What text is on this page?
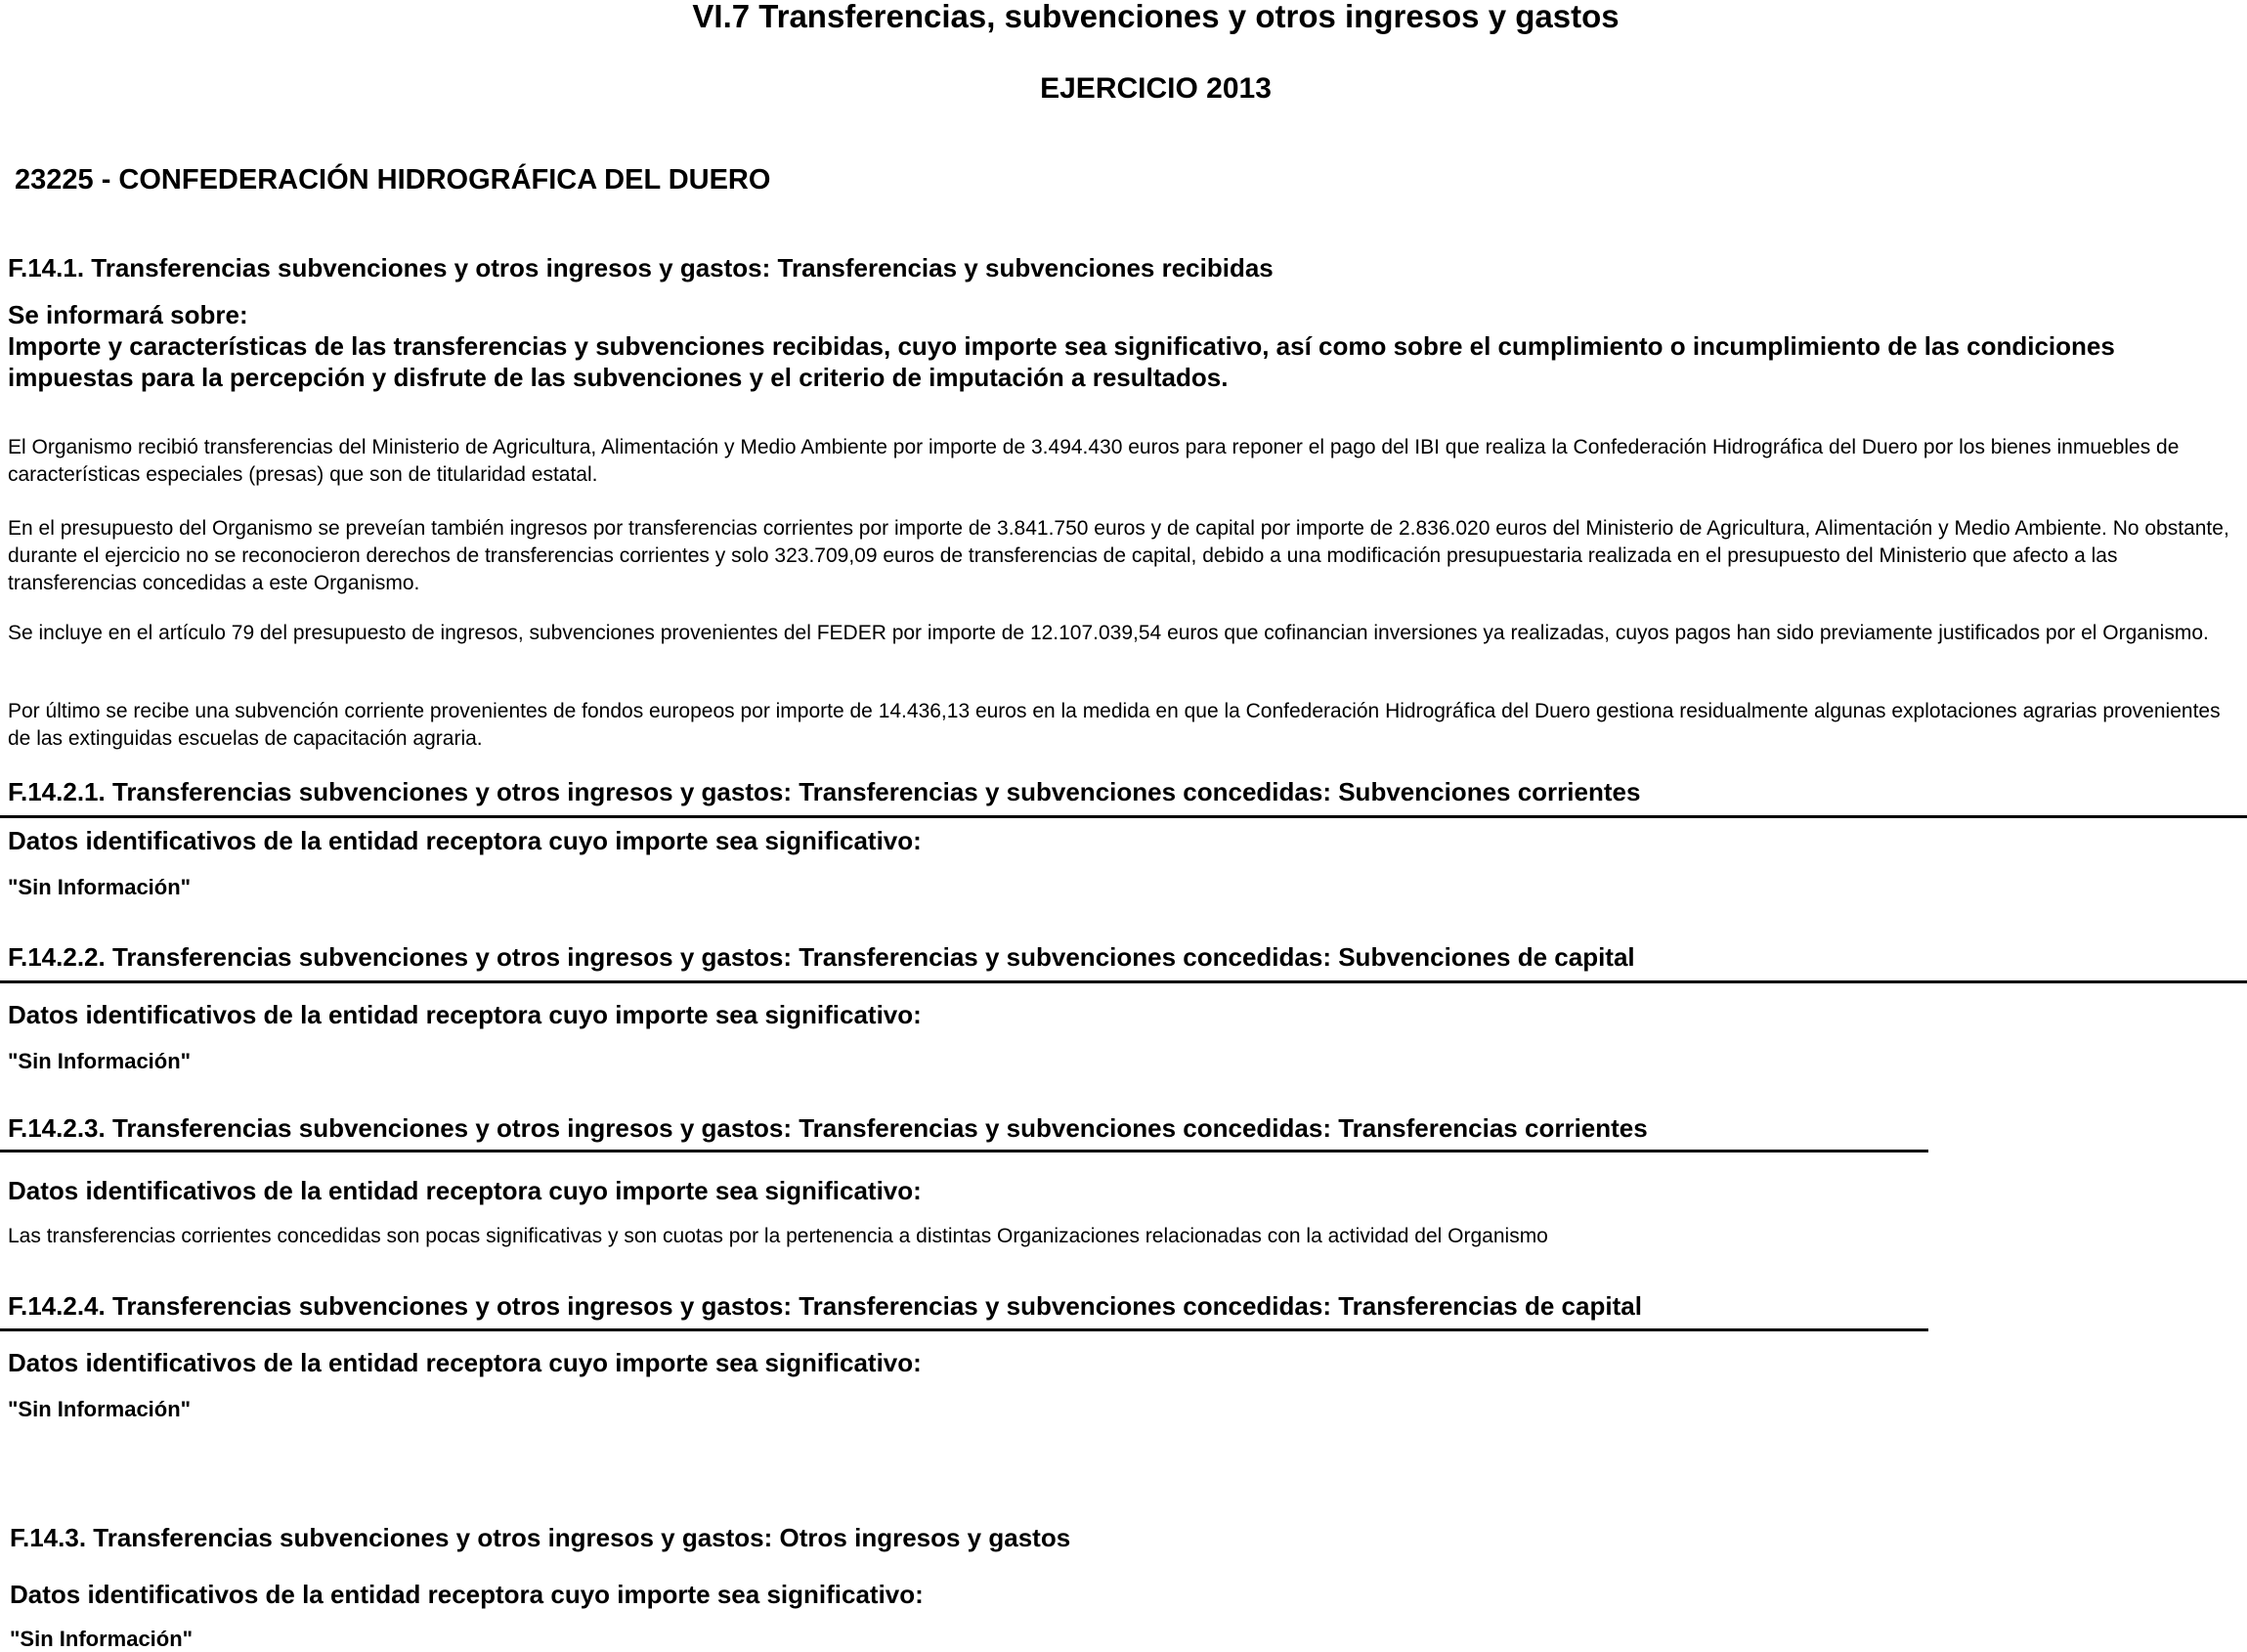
VI.7 Transferencias, subvenciones y otros ingresos y gastos
EJERCICIO 2013
23225 - CONFEDERACIÓN HIDROGRÁFICA DEL DUERO
F.14.1. Transferencias subvenciones y otros ingresos y gastos: Transferencias y subvenciones recibidas
Se informará sobre:
Importe y características de las transferencias y subvenciones recibidas, cuyo importe sea significativo, así como sobre el cumplimiento o incumplimiento de las condiciones impuestas para la percepción y disfrute de las subvenciones y el criterio de imputación a resultados.
El Organismo recibió transferencias del Ministerio de Agricultura, Alimentación y Medio Ambiente por importe de 3.494.430 euros para reponer el pago del IBI que realiza la Confederación Hidrográfica del Duero por los bienes inmuebles de características especiales (presas) que son de titularidad estatal.
En el presupuesto del Organismo se preveían también ingresos por transferencias corrientes por importe de 3.841.750 euros y de capital por importe de 2.836.020 euros del Ministerio de Agricultura, Alimentación y Medio Ambiente. No obstante, durante el ejercicio no se reconocieron derechos de transferencias corrientes y solo 323.709,09 euros de transferencias de capital, debido a una modificación presupuestaria realizada en el presupuesto del Ministerio que afecto a las transferencias concedidas a este Organismo.
Se incluye en el artículo 79 del presupuesto de ingresos, subvenciones provenientes del FEDER por importe de 12.107.039,54 euros que cofinancian inversiones ya realizadas, cuyos pagos han sido previamente justificados por el Organismo.
Por último se recibe una subvención corriente provenientes de fondos europeos por importe de 14.436,13 euros en la medida en que la Confederación Hidrográfica del Duero gestiona residualmente algunas explotaciones agrarias provenientes de las extinguidas escuelas de capacitación agraria.
F.14.2.1. Transferencias subvenciones y otros ingresos y gastos: Transferencias y subvenciones concedidas: Subvenciones corrientes
Datos identificativos de la entidad receptora cuyo importe sea significativo:
"Sin Información"
F.14.2.2. Transferencias subvenciones y otros ingresos y gastos: Transferencias y subvenciones concedidas: Subvenciones de capital
Datos identificativos de la entidad receptora cuyo importe sea significativo:
"Sin Información"
F.14.2.3. Transferencias subvenciones y otros ingresos y gastos: Transferencias y subvenciones concedidas: Transferencias corrientes
Datos identificativos de la entidad receptora cuyo importe sea significativo:
Las transferencias corrientes concedidas son pocas significativas y son cuotas por la pertenencia a distintas Organizaciones relacionadas con la actividad del Organismo
F.14.2.4. Transferencias subvenciones y otros ingresos y gastos: Transferencias y subvenciones concedidas: Transferencias de capital
Datos identificativos de la entidad receptora cuyo importe sea significativo:
"Sin Información"
F.14.3. Transferencias subvenciones y otros ingresos y gastos: Otros ingresos y gastos
Datos identificativos de la entidad receptora cuyo importe sea significativo:
"Sin Información"
